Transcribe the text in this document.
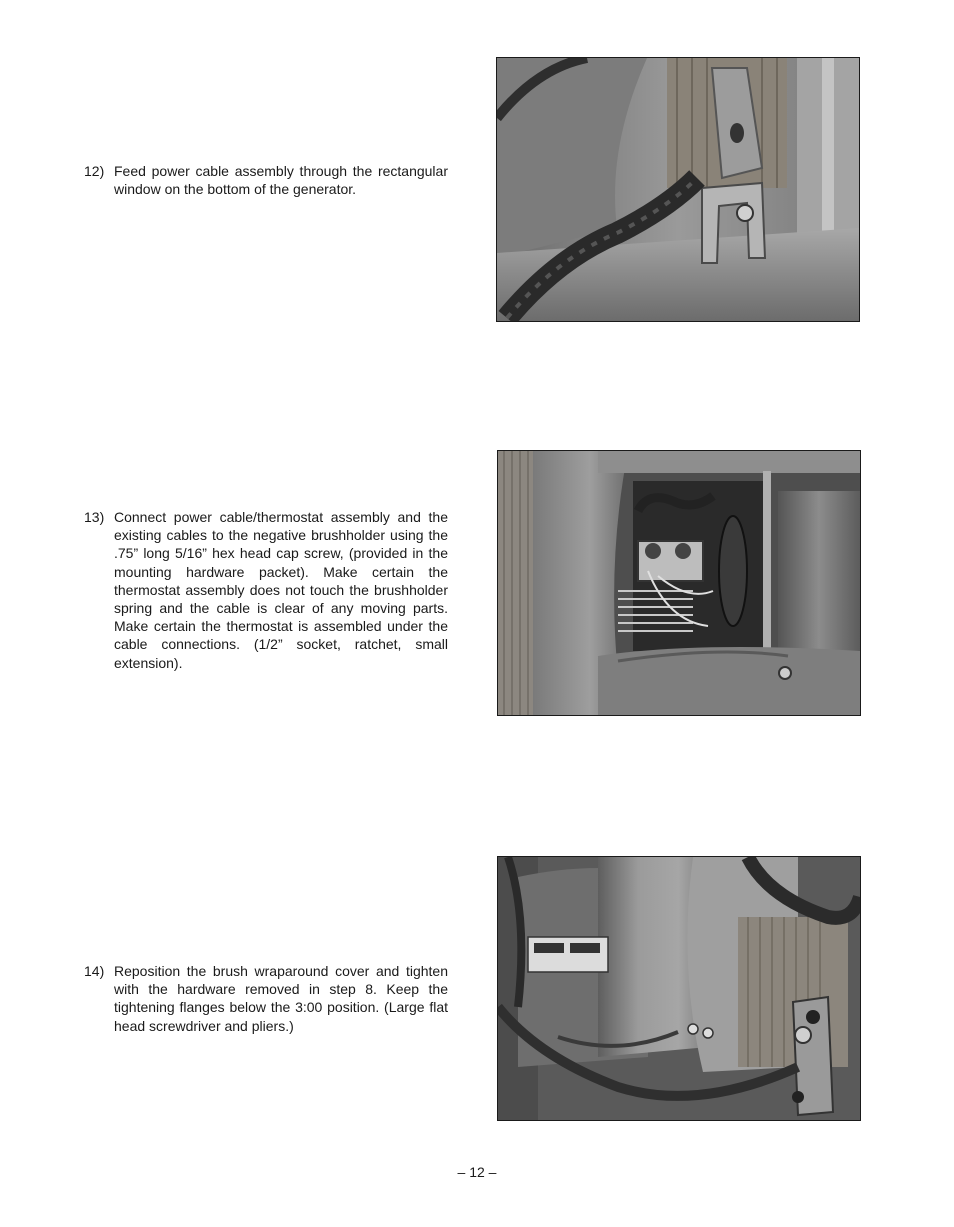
12) Feed power cable assembly through the rectangular window on the bottom of the generator.
13) Connect power cable/thermostat assembly and the existing cables to the negative brushholder using the .75” long 5/16” hex head cap screw, (provided in the mounting hardware packet). Make certain the thermostat assembly does not touch the brushholder spring and the cable is clear of any moving parts. Make certain the thermostat is assembled under the cable connections. (1/2” socket, ratchet, small extension).
14) Reposition the brush wraparound cover and tighten with the hardware removed in step 8. Keep the tightening flanges below the 3:00 position. (Large flat head screwdriver and pliers.)
– 12 –
